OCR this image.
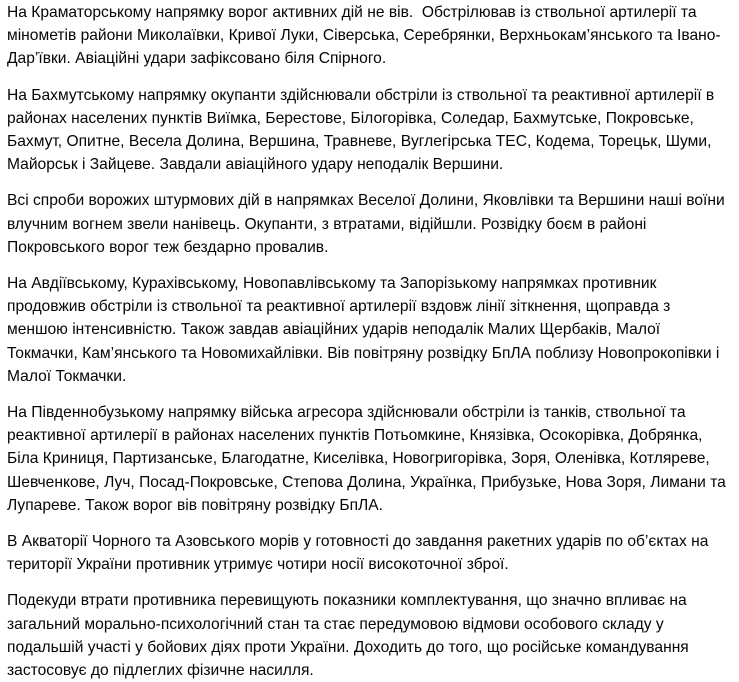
На Краматорському напрямку ворог активних дій не вів.  Обстрілював із ствольної артилерії та мінометів райони Миколаївки, Кривої Луки, Сіверська, Серебрянки, Верхньокам’янського та Івано-Дар’ївки. Авіаційні удари зафіксовано біля Спірного.

На Бахмутському напрямку окупанти здійснювали обстріли із ствольної та реактивної артилерії в районах населених пунктів Виїмка, Берестове, Білогорівка, Соледар, Бахмутське, Покровське, Бахмут, Опитне, Весела Долина, Вершина, Травневе, Вуглегірська ТЕС, Кодема, Торецьк, Шуми, Майорськ і Зайцеве. Завдали авіаційного удару неподалік Вершини.

Всі спроби ворожих штурмових дій в напрямках Веселої Долини, Яковлівки та Вершини наші воїни влучним вогнем звели нанівець. Окупанти, з втратами, відійшли. Розвідку боєм в районі Покровського ворог теж бездарно провалив.

На Авдіївському, Курахівському, Новопавлівському та Запорізькому напрямках противник продовжив обстріли із ствольної та реактивної артилерії вздовж лінії зіткнення, щоправда з меншою інтенсивністю. Також завдав авіаційних ударів неподалік Малих Щербаків, Малої Токмачки, Кам’янського та Новомихайлівки. Вів повітряну розвідку БпЛА поблизу Новопрокопівки і Малої Токмачки.

На Південнобузькому напрямку війська агресора здійснювали обстріли із танків, ствольної та реактивної артилерії в районах населених пунктів Потьомкине, Князівка, Осокорівка, Добрянка, Біла Криниця, Партизанське, Благодатне, Киселівка, Новогригорівка, Зоря, Оленівка, Котляреве, Шевченкове, Луч, Посад-Покровське, Степова Долина, Українка, Прибузьке, Нова Зоря, Лимани та Лупареве. Також ворог вів повітряну розвідку БпЛА.

В Акваторії Чорного та Азовського морів у готовності до завдання ракетних ударів по об’єктах на території України противник утримує чотири носії високоточної зброї.

Подекуди втрати противника перевищують показники комплектування, що значно впливає на загальний морально-психологічний стан та стає передумовою відмови особового складу у подальшій участі у бойових діях проти України. Доходить до того, що російське командування застосовує до підлеглих фізичне насилля.
